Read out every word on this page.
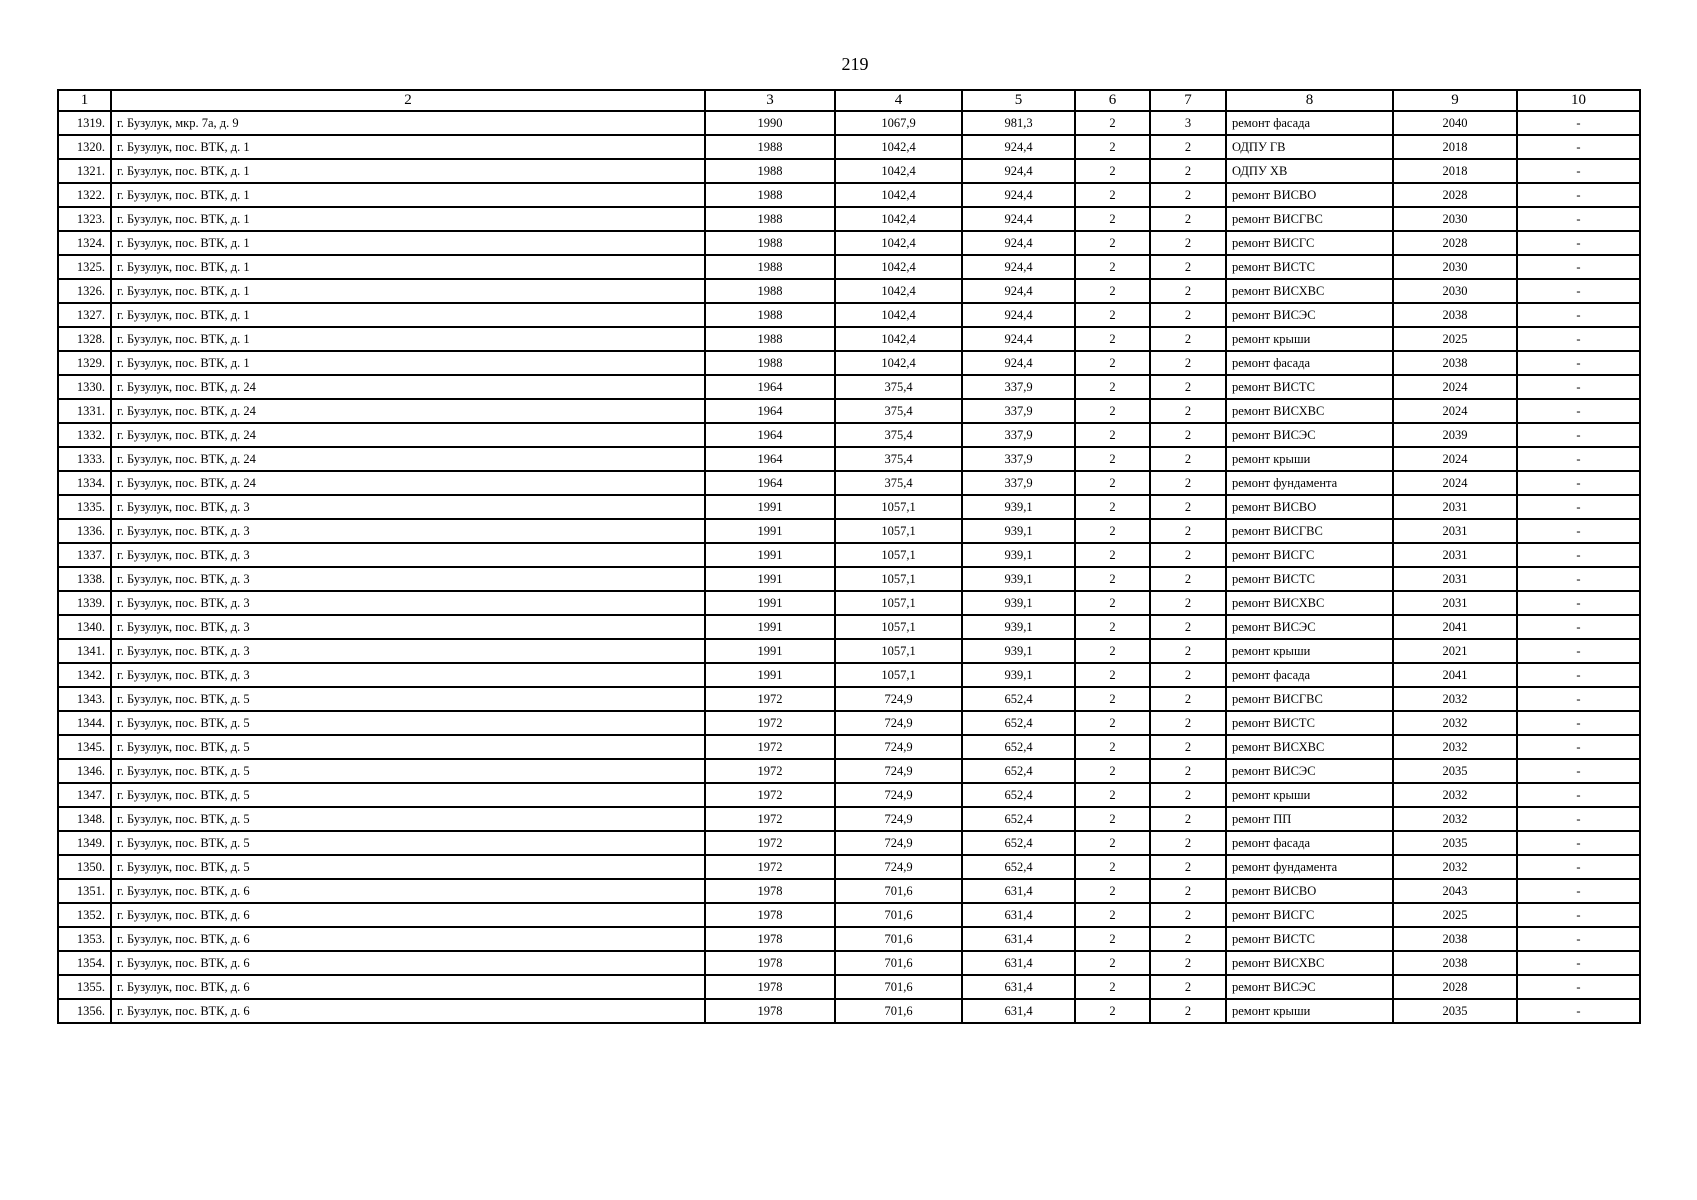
219
1	2	3	4	5	6	7	8	9	10
1319.	г. Бузулук, мкр. 7а, д. 9	1990	1067,9	981,3	2	3	ремонт фасада	2040	-
1320.	г. Бузулук, пос. ВТК, д. 1	1988	1042,4	924,4	2	2	ОДПУ ГВ	2018	-
1321.	г. Бузулук, пос. ВТК, д. 1	1988	1042,4	924,4	2	2	ОДПУ ХВ	2018	-
1322.	г. Бузулук, пос. ВТК, д. 1	1988	1042,4	924,4	2	2	ремонт ВИСВО	2028	-
1323.	г. Бузулук, пос. ВТК, д. 1	1988	1042,4	924,4	2	2	ремонт ВИСГВС	2030	-
1324.	г. Бузулук, пос. ВТК, д. 1	1988	1042,4	924,4	2	2	ремонт ВИСГС	2028	-
1325.	г. Бузулук, пос. ВТК, д. 1	1988	1042,4	924,4	2	2	ремонт ВИСТС	2030	-
1326.	г. Бузулук, пос. ВТК, д. 1	1988	1042,4	924,4	2	2	ремонт ВИСХВС	2030	-
1327.	г. Бузулук, пос. ВТК, д. 1	1988	1042,4	924,4	2	2	ремонт ВИСЭС	2038	-
1328.	г. Бузулук, пос. ВТК, д. 1	1988	1042,4	924,4	2	2	ремонт крыши	2025	-
1329.	г. Бузулук, пос. ВТК, д. 1	1988	1042,4	924,4	2	2	ремонт фасада	2038	-
1330.	г. Бузулук, пос. ВТК, д. 24	1964	375,4	337,9	2	2	ремонт ВИСТС	2024	-
1331.	г. Бузулук, пос. ВТК, д. 24	1964	375,4	337,9	2	2	ремонт ВИСХВС	2024	-
1332.	г. Бузулук, пос. ВТК, д. 24	1964	375,4	337,9	2	2	ремонт ВИСЭС	2039	-
1333.	г. Бузулук, пос. ВТК, д. 24	1964	375,4	337,9	2	2	ремонт крыши	2024	-
1334.	г. Бузулук, пос. ВТК, д. 24	1964	375,4	337,9	2	2	ремонт фундамента	2024	-
1335.	г. Бузулук, пос. ВТК, д. 3	1991	1057,1	939,1	2	2	ремонт ВИСВО	2031	-
1336.	г. Бузулук, пос. ВТК, д. 3	1991	1057,1	939,1	2	2	ремонт ВИСГВС	2031	-
1337.	г. Бузулук, пос. ВТК, д. 3	1991	1057,1	939,1	2	2	ремонт ВИСГС	2031	-
1338.	г. Бузулук, пос. ВТК, д. 3	1991	1057,1	939,1	2	2	ремонт ВИСТС	2031	-
1339.	г. Бузулук, пос. ВТК, д. 3	1991	1057,1	939,1	2	2	ремонт ВИСХВС	2031	-
1340.	г. Бузулук, пос. ВТК, д. 3	1991	1057,1	939,1	2	2	ремонт ВИСЭС	2041	-
1341.	г. Бузулук, пос. ВТК, д. 3	1991	1057,1	939,1	2	2	ремонт крыши	2021	-
1342.	г. Бузулук, пос. ВТК, д. 3	1991	1057,1	939,1	2	2	ремонт фасада	2041	-
1343.	г. Бузулук, пос. ВТК, д. 5	1972	724,9	652,4	2	2	ремонт ВИСГВС	2032	-
1344.	г. Бузулук, пос. ВТК, д. 5	1972	724,9	652,4	2	2	ремонт ВИСТС	2032	-
1345.	г. Бузулук, пос. ВТК, д. 5	1972	724,9	652,4	2	2	ремонт ВИСХВС	2032	-
1346.	г. Бузулук, пос. ВТК, д. 5	1972	724,9	652,4	2	2	ремонт ВИСЭС	2035	-
1347.	г. Бузулук, пос. ВТК, д. 5	1972	724,9	652,4	2	2	ремонт крыши	2032	-
1348.	г. Бузулук, пос. ВТК, д. 5	1972	724,9	652,4	2	2	ремонт ПП	2032	-
1349.	г. Бузулук, пос. ВТК, д. 5	1972	724,9	652,4	2	2	ремонт фасада	2035	-
1350.	г. Бузулук, пос. ВТК, д. 5	1972	724,9	652,4	2	2	ремонт фундамента	2032	-
1351.	г. Бузулук, пос. ВТК, д. 6	1978	701,6	631,4	2	2	ремонт ВИСВО	2043	-
1352.	г. Бузулук, пос. ВТК, д. 6	1978	701,6	631,4	2	2	ремонт ВИСГС	2025	-
1353.	г. Бузулук, пос. ВТК, д. 6	1978	701,6	631,4	2	2	ремонт ВИСТС	2038	-
1354.	г. Бузулук, пос. ВТК, д. 6	1978	701,6	631,4	2	2	ремонт ВИСХВС	2038	-
1355.	г. Бузулук, пос. ВТК, д. 6	1978	701,6	631,4	2	2	ремонт ВИСЭС	2028	-
1356.	г. Бузулук, пос. ВТК, д. 6	1978	701,6	631,4	2	2	ремонт крыши	2035	-
